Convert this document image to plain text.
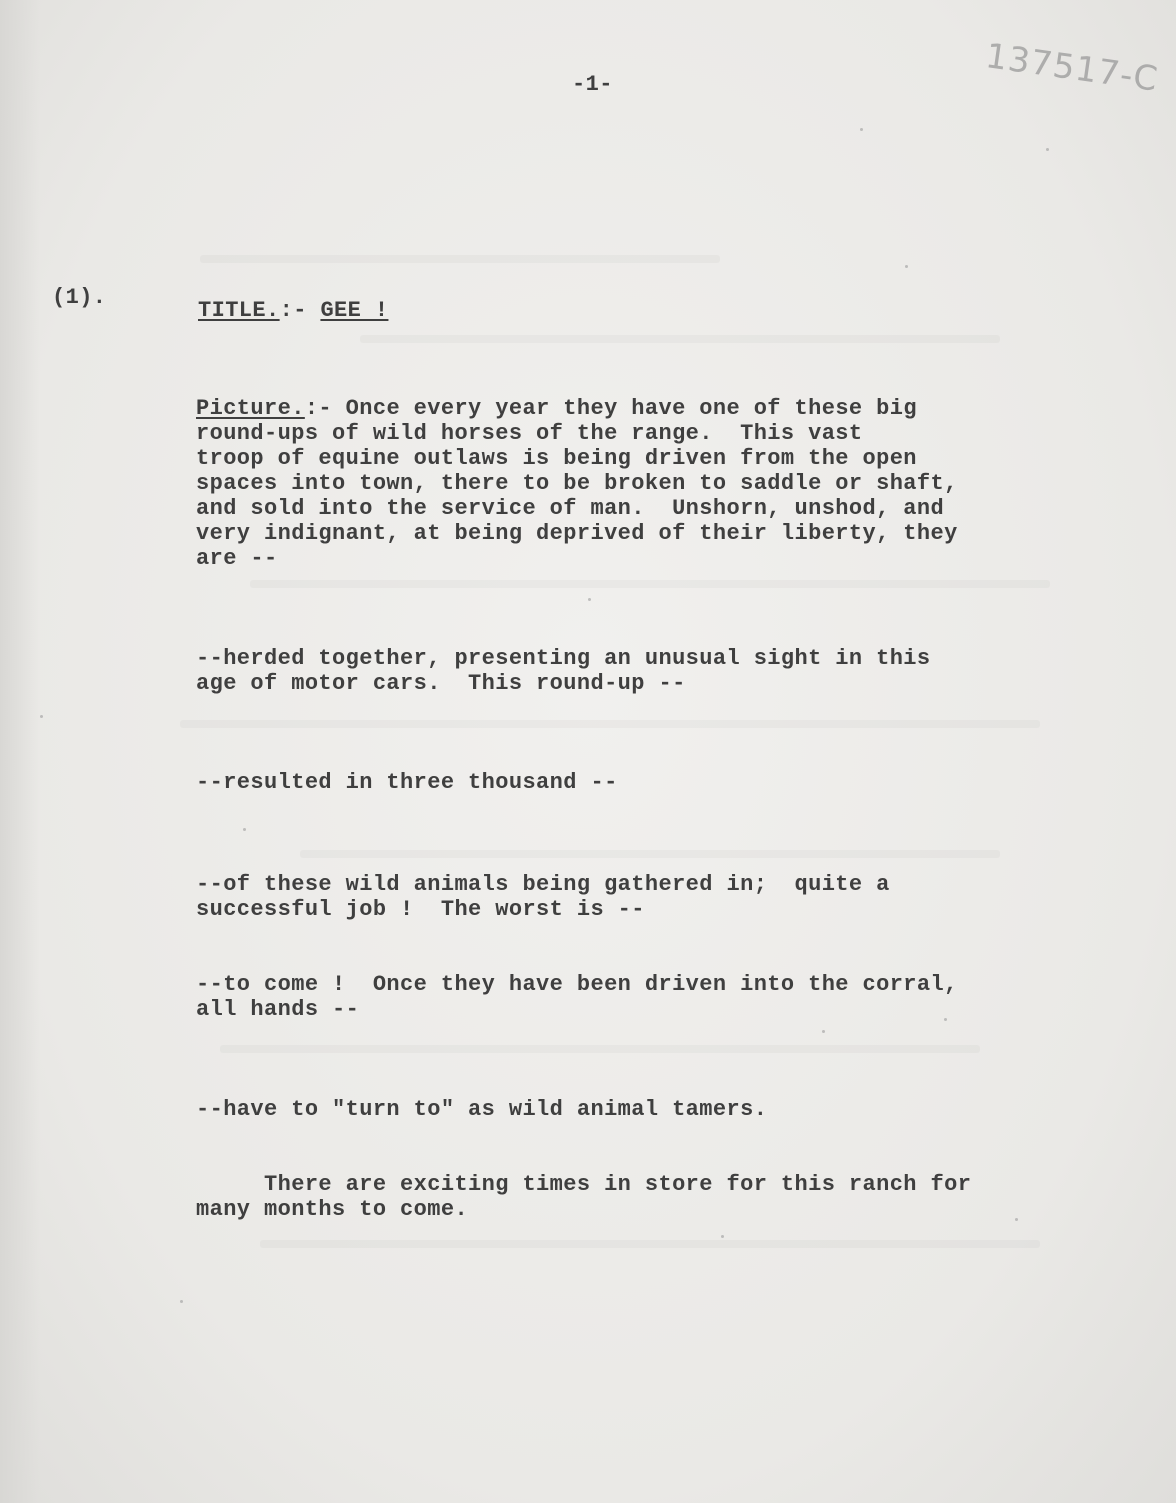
137517-C
-1-
(1).
TITLE.:- GEE !
Picture.:- Once every year they have one of these big
round-ups of wild horses of the range.  This vast
troop of equine outlaws is being driven from the open
spaces into town, there to be broken to saddle or shaft,
and sold into the service of man.  Unshorn, unshod, and
very indignant, at being deprived of their liberty, they
are --
--herded together, presenting an unusual sight in this
age of motor cars.  This round-up --
--resulted in three thousand --
--of these wild animals being gathered in;  quite a
successful job !  The worst is --
--to come !  Once they have been driven into the corral,
all hands --
--have to "turn to" as wild animal tamers.
There are exciting times in store for this ranch for
many months to come.
